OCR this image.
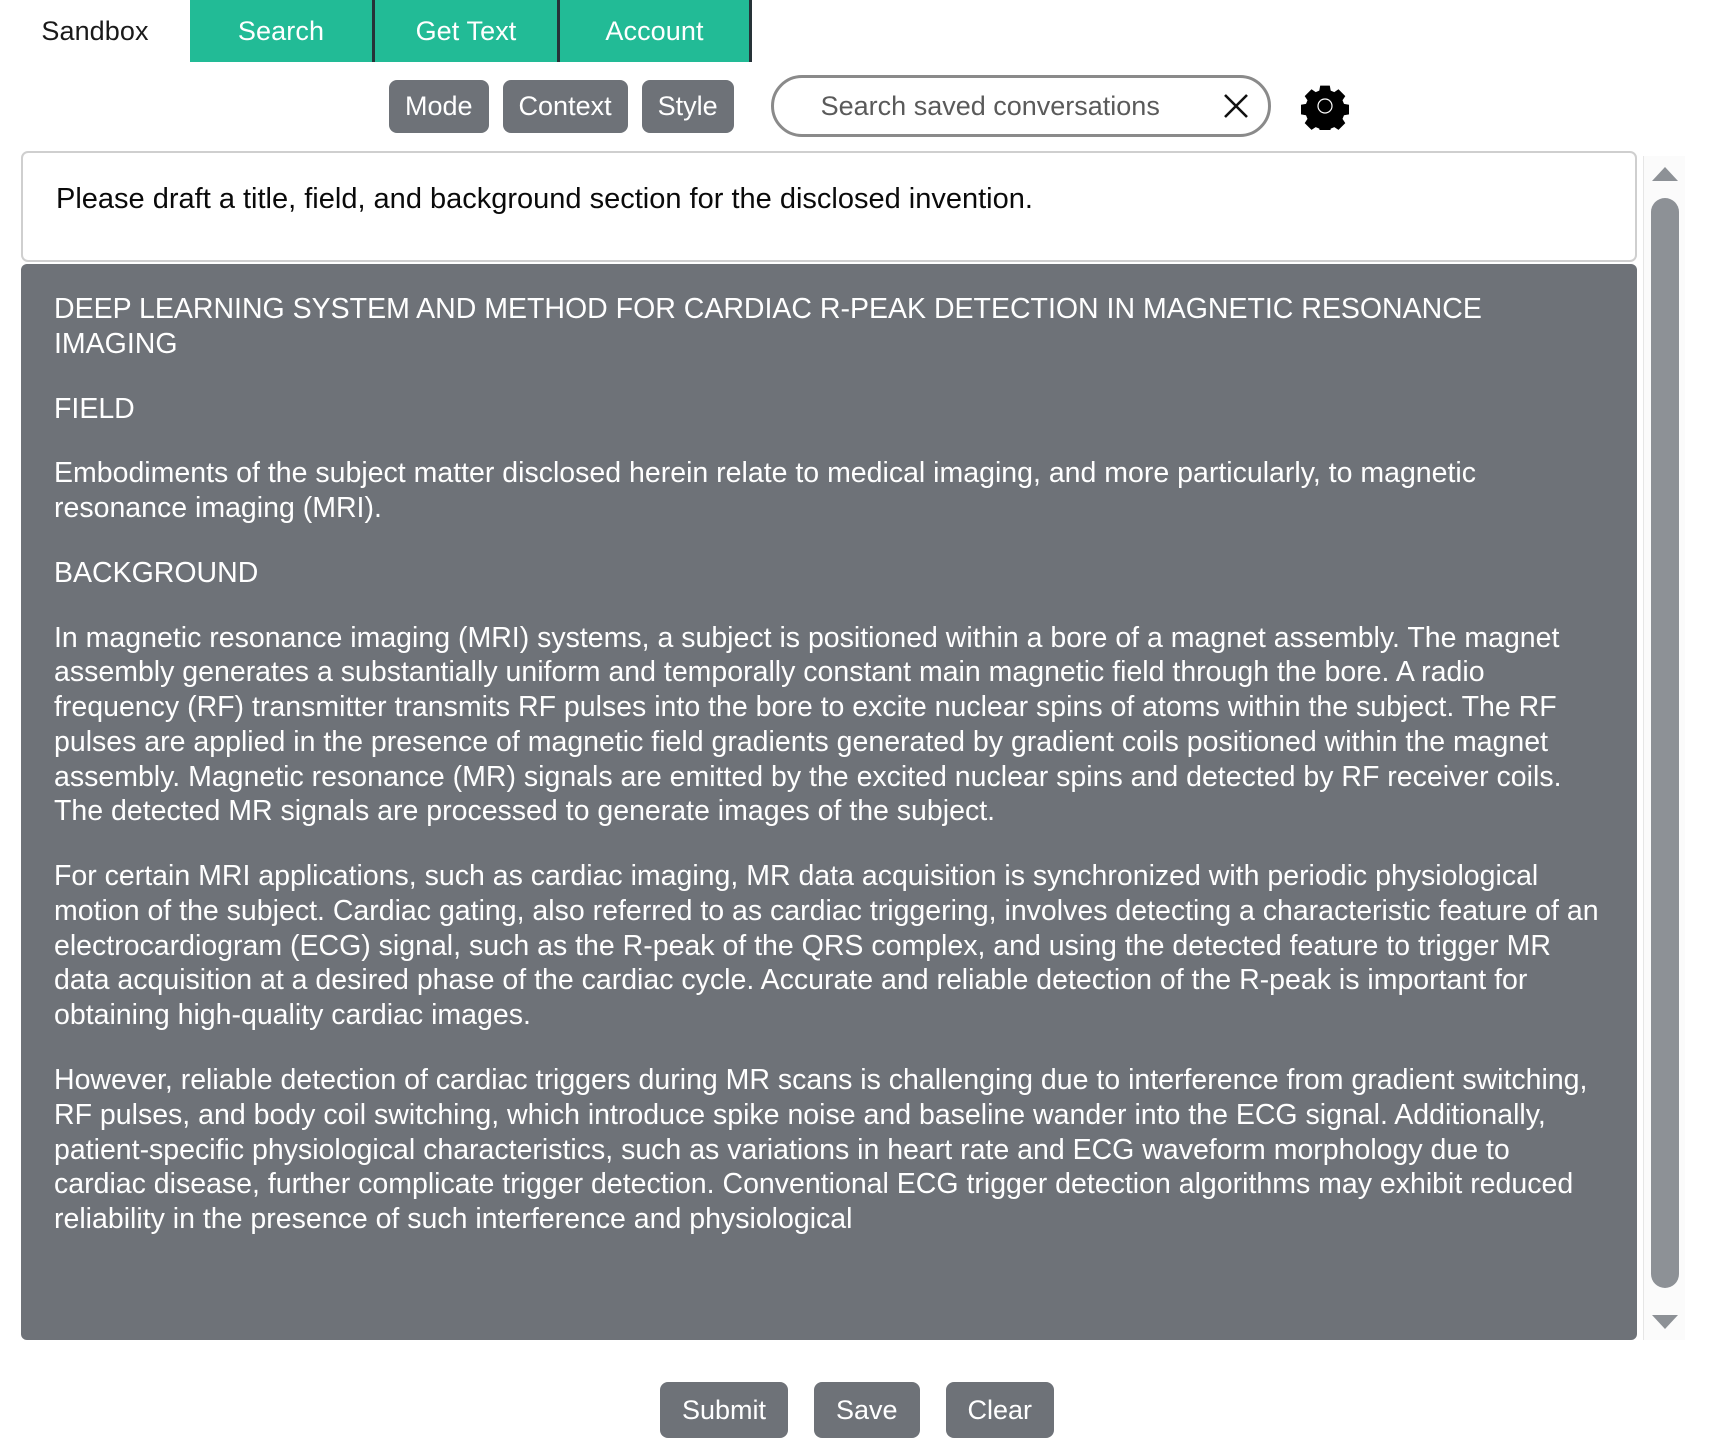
Sandbox	Search	Get Text	Account
Mode	Context	Style
Search saved conversations
Please draft a title, field, and background section for the disclosed invention.

DEEP LEARNING SYSTEM AND METHOD FOR CARDIAC R-PEAK DETECTION IN MAGNETIC RESONANCE IMAGING

FIELD

Embodiments of the subject matter disclosed herein relate to medical imaging, and more particularly, to magnetic resonance imaging (MRI).

BACKGROUND

In magnetic resonance imaging (MRI) systems, a subject is positioned within a bore of a magnet assembly. The magnet assembly generates a substantially uniform and temporally constant main magnetic field through the bore. A radio frequency (RF) transmitter transmits RF pulses into the bore to excite nuclear spins of atoms within the subject. The RF pulses are applied in the presence of magnetic field gradients generated by gradient coils positioned within the magnet assembly. Magnetic resonance (MR) signals are emitted by the excited nuclear spins and detected by RF receiver coils. The detected MR signals are processed to generate images of the subject.

For certain MRI applications, such as cardiac imaging, MR data acquisition is synchronized with periodic physiological motion of the subject. Cardiac gating, also referred to as cardiac triggering, involves detecting a characteristic feature of an electrocardiogram (ECG) signal, such as the R-peak of the QRS complex, and using the detected feature to trigger MR data acquisition at a desired phase of the cardiac cycle. Accurate and reliable detection of the R-peak is important for obtaining high-quality cardiac images.

However, reliable detection of cardiac triggers during MR scans is challenging due to interference from gradient switching, RF pulses, and body coil switching, which introduce spike noise and baseline wander into the ECG signal. Additionally, patient-specific physiological characteristics, such as variations in heart rate and ECG waveform morphology due to cardiac disease, further complicate trigger detection. Conventional ECG trigger detection algorithms may exhibit reduced reliability in the presence of such interference and physiological

Submit	Save	Clear
